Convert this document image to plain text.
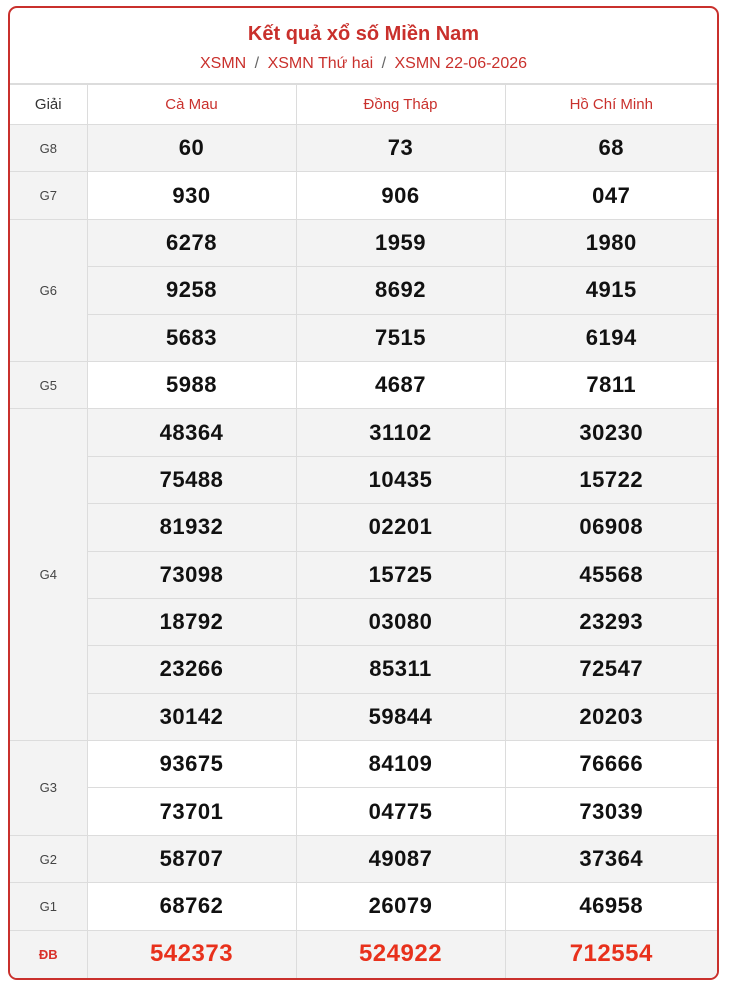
Kết quả xổ số Miền Nam
XSMN / XSMN Thứ hai / XSMN 22-06-2026
Giải	Cà Mau	Đồng Tháp	Hồ Chí Minh
G8	60	73	68
G7	930	906	047
G6	6278	1959	1980
	9258	8692	4915
	5683	7515	6194
G5	5988	4687	7811
G4	48364	31102	30230
	75488	10435	15722
	81932	02201	06908
	73098	15725	45568
	18792	03080	23293
	23266	85311	72547
	30142	59844	20203
G3	93675	84109	76666
	73701	04775	73039
G2	58707	49087	37364
G1	68762	26079	46958
ĐB	542373	524922	712554
